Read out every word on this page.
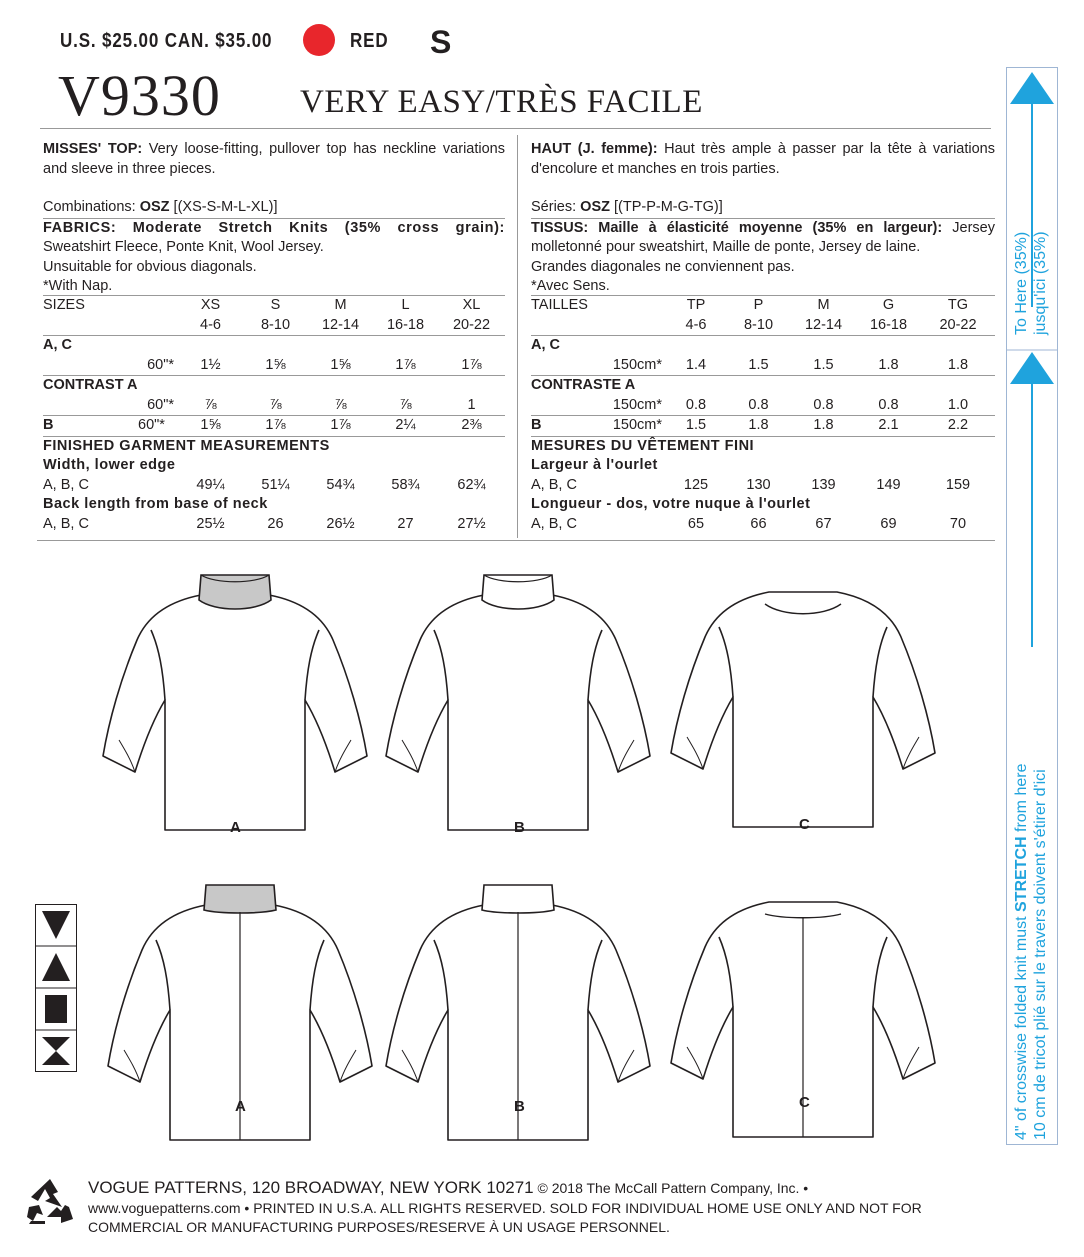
U.S. $25.00 CAN. $35.00	RED S
V9330 VERY EASY/TRÈS FACILE

MISSES' TOP: Very loose-fitting, pullover top has neckline variations and sleeve in three pieces.

Combinations: OSZ [(XS-S-M-L-XL)]

FABRICS: Moderate Stretch Knits (35% cross grain): Sweatshirt Fleece, Ponte Knit, Wool Jersey.

Unsuitable for obvious diagonals.

*With Nap.

SIZES		XS	S	M	L	XL
		4-6	8-10	12-14	16-18	20-22
A, C						
60"*		1½	1⅝	1⅝	1⅞	1⅞
CONTRAST A						
60"*		⅞	⅞	⅞	⅞	1
B	60"*	1⅝	1⅞	1⅞	2¼	2⅜
FINISHED GARMENT MEASUREMENTS						
Width, lower edge						
A, B, C		49¼	51¼	54¾	58¾	62¾
Back length from base of neck						
A, B, C		25½	26	26½	27	27½

HAUT (J. femme): Haut très ample à passer par la tête à variations d'encolure et manches en trois parties.

Séries: OSZ [(TP-P-M-G-TG)]

TISSUS: Maille à élasticité moyenne (35% en largeur): Jersey molletonné pour sweatshirt, Maille de ponte, Jersey de laine.

Grandes diagonales ne conviennent pas.

*Avec Sens.

TAILLES		TP	P	M	G	TG
		4-6	8-10	12-14	16-18	20-22
A, C						
150cm*		1.4	1.5	1.5	1.8	1.8
CONTRASTE A						
150cm*		0.8	0.8	0.8	0.8	1.0
B	150cm*	1.5	1.8	1.8	2.1	2.2
MESURES DU VÊTEMENT FINI						
Largeur à l'ourlet						
A, B, C		125	130	139	149	159
Longueur - dos, votre nuque à l'ourlet						
A, B, C		65	66	67	69	70
A	B	C
A	B	C
To Here (35%) jusqu'ici (35%)
4" of crosswise folded knit must STRETCH from here 10 cm de tricot plié sur le travers doivent s'étirer d'ici
VOGUE PATTERNS, 120 BROADWAY, NEW YORK 10271 © 2018 The McCall Pattern Company, Inc. •
www.voguepatterns.com • PRINTED IN U.S.A. ALL RIGHTS RESERVED. SOLD FOR INDIVIDUAL HOME USE ONLY AND NOT FOR
COMMERCIAL OR MANUFACTURING PURPOSES/RESERVE À UN USAGE PERSONNEL.
